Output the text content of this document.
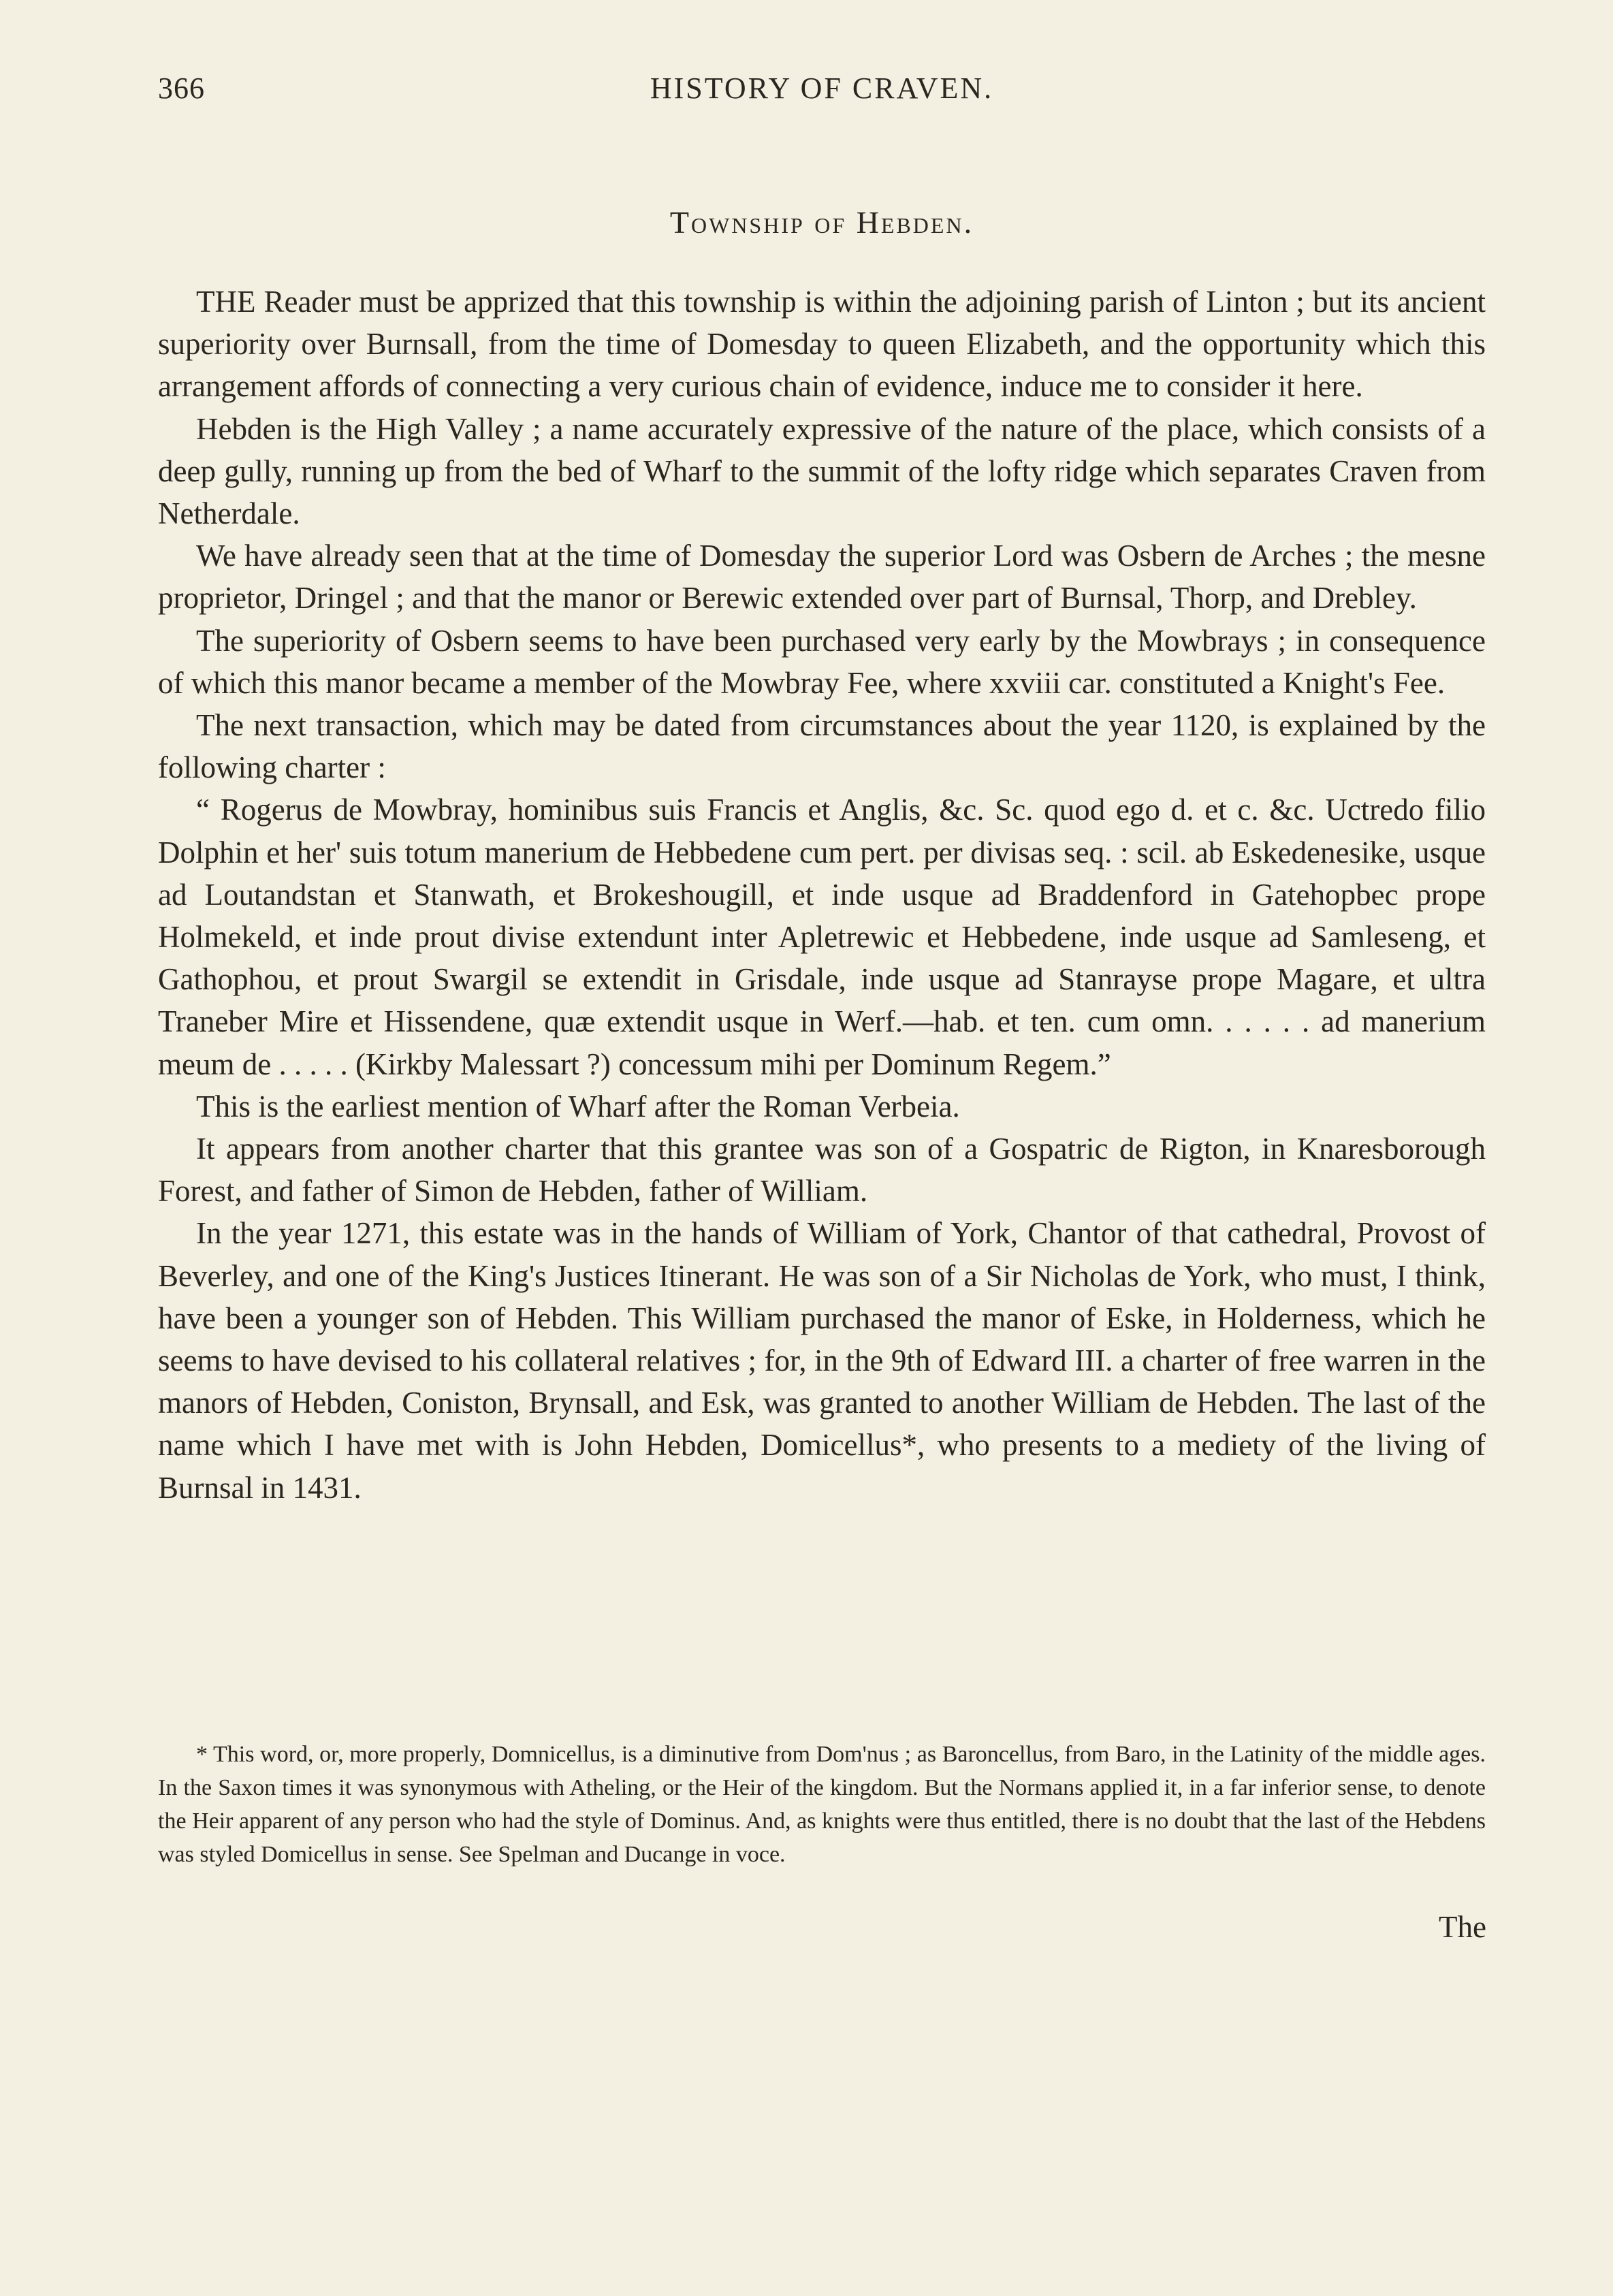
366	HISTORY OF CRAVEN.
Township of Hebden.

THE Reader must be apprized that this township is within the adjoining parish of Linton ; but its ancient superiority over Burnsall, from the time of Domesday to queen Elizabeth, and the opportunity which this arrangement affords of connecting a very curious chain of evidence, induce me to consider it here.

Hebden is the High Valley ; a name accurately expressive of the nature of the place, which consists of a deep gully, running up from the bed of Wharf to the summit of the lofty ridge which separates Craven from Netherdale.

We have already seen that at the time of Domesday the superior Lord was Osbern de Arches ; the mesne proprietor, Dringel ; and that the manor or Berewic extended over part of Burnsal, Thorp, and Drebley.

The superiority of Osbern seems to have been purchased very early by the Mowbrays ; in consequence of which this manor became a member of the Mowbray Fee, where xxviii car. constituted a Knight's Fee.

The next transaction, which may be dated from circumstances about the year 1120, is explained by the following charter :

“ Rogerus de Mowbray, hominibus suis Francis et Anglis, &c. Sc. quod ego d. et c. &c. Uctredo filio Dolphin et her' suis totum manerium de Hebbedene cum pert. per divisas seq. : scil. ab Eskedenesike, usque ad Loutandstan et Stanwath, et Brokeshougill, et inde usque ad Braddenford in Gatehopbec prope Holmekeld, et inde prout divise extendunt inter Apletrewic et Hebbedene, inde usque ad Samleseng, et Gathophou, et prout Swargil se extendit in Grisdale, inde usque ad Stanrayse prope Magare, et ultra Traneber Mire et Hissendene, quæ extendit usque in Werf.—hab. et ten. cum omn. . . . . . ad manerium meum de . . . . . (Kirkby Malessart ?) concessum mihi per Dominum Regem.”

This is the earliest mention of Wharf after the Roman Verbeia.

It appears from another charter that this grantee was son of a Gospatric de Rigton, in Knaresborough Forest, and father of Simon de Hebden, father of William.

In the year 1271, this estate was in the hands of William of York, Chantor of that cathedral, Provost of Beverley, and one of the King's Justices Itinerant. He was son of a Sir Nicholas de York, who must, I think, have been a younger son of Hebden. This William purchased the manor of Eske, in Holderness, which he seems to have devised to his collateral relatives ; for, in the 9th of Edward III. a charter of free warren in the manors of Hebden, Coniston, Brynsall, and Esk, was granted to another William de Hebden. The last of the name which I have met with is John Hebden, Domicellus*, who presents to a mediety of the living of Burnsal in 1431.

* This word, or, more properly, Domnicellus, is a diminutive from Dom'nus ; as Baroncellus, from Baro, in the Latinity of the middle ages. In the Saxon times it was synonymous with Atheling, or the Heir of the kingdom. But the Normans applied it, in a far inferior sense, to denote the Heir apparent of any person who had the style of Dominus. And, as knights were thus entitled, there is no doubt that the last of the Hebdens was styled Domicellus in sense. See Spelman and Ducange in voce.

The
